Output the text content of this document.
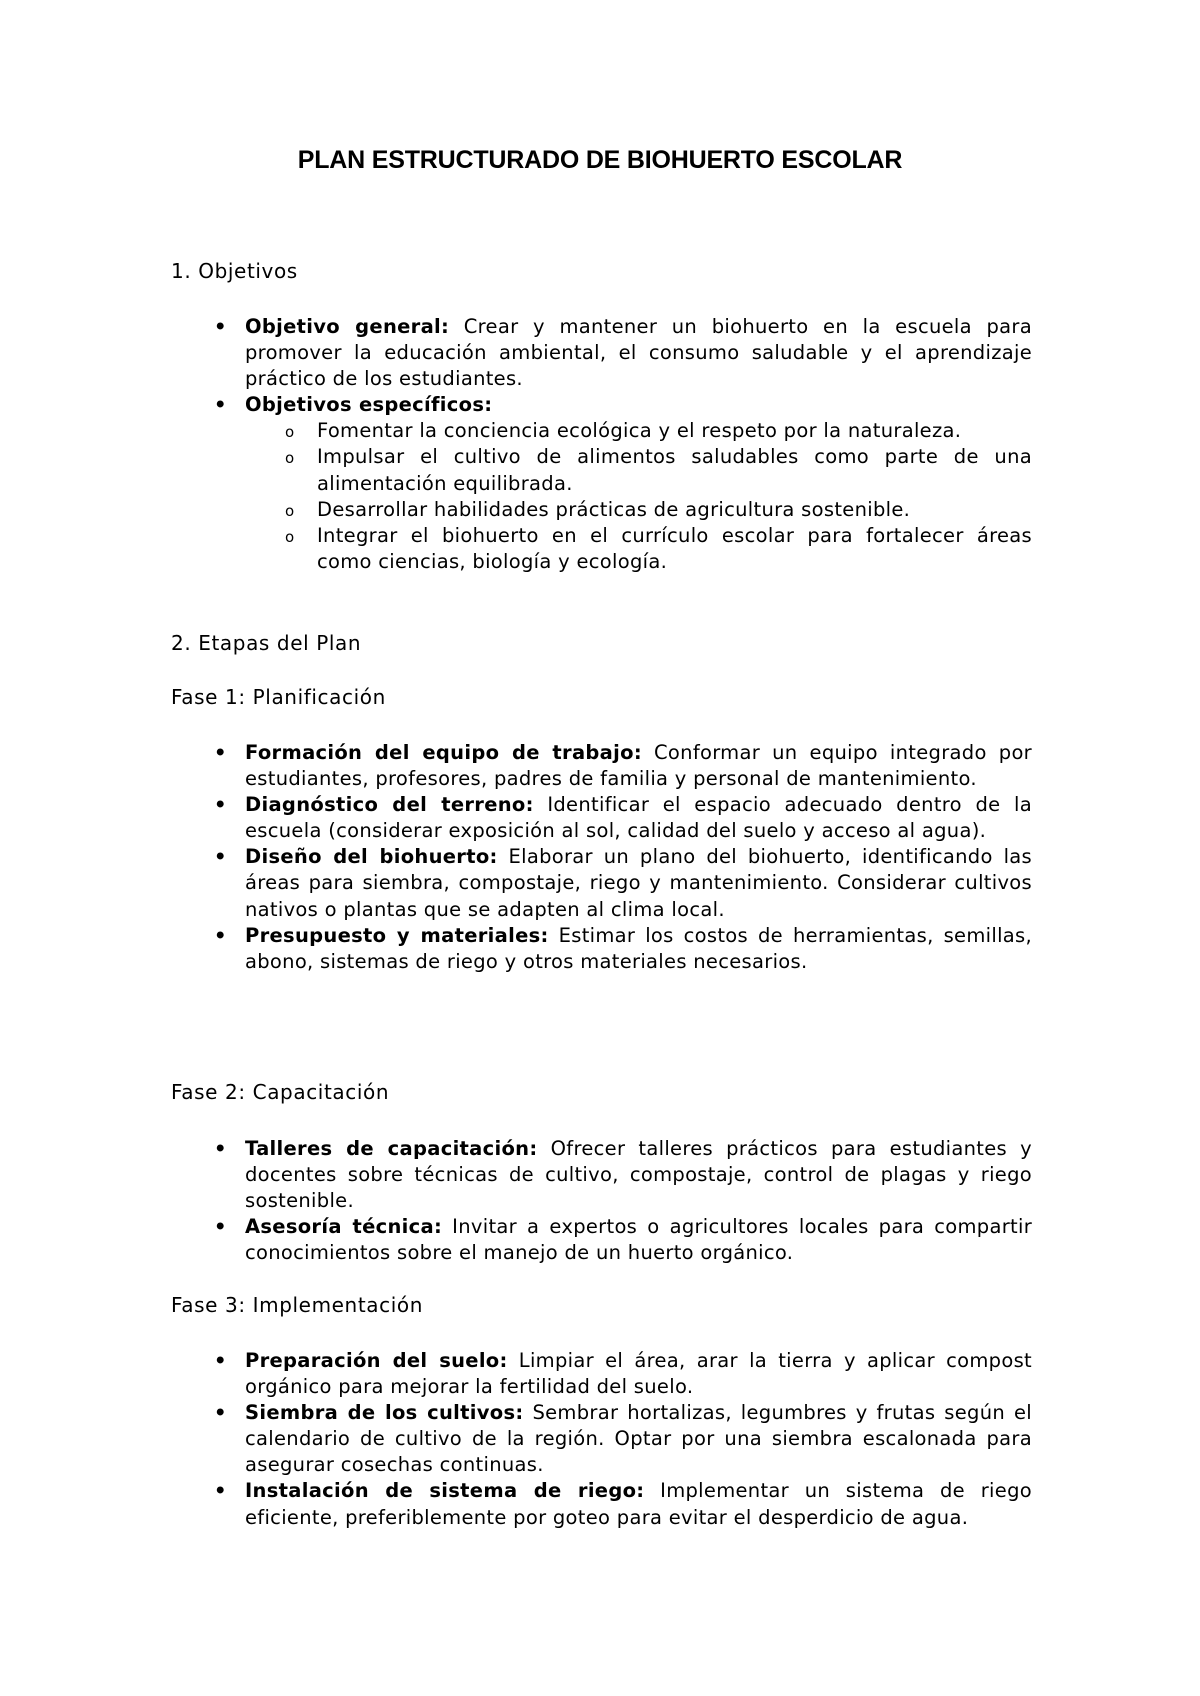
PLAN ESTRUCTURADO DE BIOHUERTO ESCOLAR
1. Objetivos
• Objetivo general: Crear y mantener un biohuerto en la escuela para promover la educación ambiental, el consumo saludable y el aprendizaje práctico de los estudiantes.
• Objetivos específicos:
o Fomentar la conciencia ecológica y el respeto por la naturaleza.
o Impulsar el cultivo de alimentos saludables como parte de una alimentación equilibrada.
o Desarrollar habilidades prácticas de agricultura sostenible.
o Integrar el biohuerto en el currículo escolar para fortalecer áreas como ciencias, biología y ecología.
2. Etapas del Plan
Fase 1: Planificación
• Formación del equipo de trabajo: Conformar un equipo integrado por estudiantes, profesores, padres de familia y personal de mantenimiento.
• Diagnóstico del terreno: Identificar el espacio adecuado dentro de la escuela (considerar exposición al sol, calidad del suelo y acceso al agua).
• Diseño del biohuerto: Elaborar un plano del biohuerto, identificando las áreas para siembra, compostaje, riego y mantenimiento. Considerar cultivos nativos o plantas que se adapten al clima local.
• Presupuesto y materiales: Estimar los costos de herramientas, semillas, abono, sistemas de riego y otros materiales necesarios.
Fase 2: Capacitación
• Talleres de capacitación: Ofrecer talleres prácticos para estudiantes y docentes sobre técnicas de cultivo, compostaje, control de plagas y riego sostenible.
• Asesoría técnica: Invitar a expertos o agricultores locales para compartir conocimientos sobre el manejo de un huerto orgánico.
Fase 3: Implementación
• Preparación del suelo: Limpiar el área, arar la tierra y aplicar compost orgánico para mejorar la fertilidad del suelo.
• Siembra de los cultivos: Sembrar hortalizas, legumbres y frutas según el calendario de cultivo de la región. Optar por una siembra escalonada para asegurar cosechas continuas.
• Instalación de sistema de riego: Implementar un sistema de riego eficiente, preferiblemente por goteo para evitar el desperdicio de agua.
